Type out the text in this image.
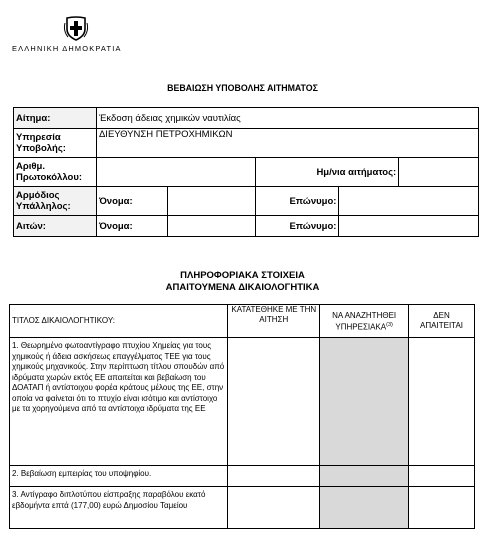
ΕΛΛΗΝΙΚΗ ΔΗΜΟΚΡΑΤΙΑ
ΒΕΒΑΙΩΣΗ ΥΠΟΒΟΛΗΣ ΑΙΤΗΜΑΤΟΣ
Αίτημα:	Έκδοση άδειας χημικών ναυτιλίας				
Υπηρεσία Υποβολής:	ΔΙΕΥΘΥΝΣΗ ΠΕΤΡΟΧΗΜΙΚΩΝ				
Αριθμ. Πρωτοκόλλου:			Ημ/νια αιτήματος:		
Αρμόδιος Υπάλληλος:	Όνομα:		Επώνυμο:		
Αιτών:	Όνομα:		Επώνυμο:		
ΠΛΗΡΟΦΟΡΙΑΚΑ ΣΤΟΙΧΕΙΑ
ΑΠΑΙΤΟΥΜΕΝΑ ΔΙΚΑΙΟΛΟΓΗΤΙΚΑ
ΤΙΤΛΟΣ ΔΙΚΑΙΟΛΟΓΗΤΙΚΟΥ:	ΚΑΤΑΤΕΘΗΚΕ ΜΕ ΤΗΝ ΑΙΤΗΣΗ	ΝΑ ΑΝΑΖΗΤΗΘΕΙ ΥΠΗΡΕΣΙΑΚΑ$^{(3)}$	ΔΕΝ ΑΠΑΙΤΕΙΤΑΙ
1. Θεωρημένο φωτοαντίγραφο πτυχίου Χημείας για τους χημικούς ή άδεια ασκήσεως επαγγέλματος ΤΕΕ για τους χημικούς μηχανικούς. Στην περίπτωση τίτλου σπουδών από ιδρύματα χωρών εκτός ΕΕ απαιτείται και βεβαίωση του ΔΟΑΤΑΠ ή αντίστοιχου φορέα κράτους μέλους της ΕΕ, στην οποία να φαίνεται ότι το πτυχίο είναι ισότιμο και αντίστοιχο με τα χορηγούμενα από τα αντίστοιχα ιδρύματα της ΕΕ			
2. Βεβαίωση εμπειρίας του υποψηφίου.			
3. Αντίγραφο διπλοτύπου είσπραξης παραβόλου εκατό εβδομήντα επτά (177,00) ευρώ Δημοσίου Ταμείου			
